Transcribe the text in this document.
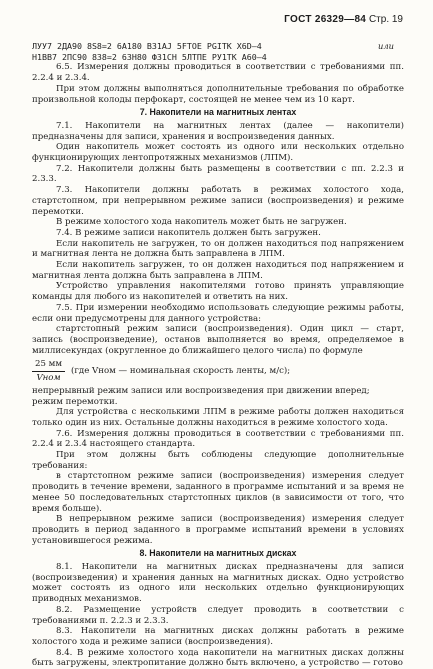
ГОСТ 26329—84 Стр. 19
ЛУУ7 2ДА90 8S8=2 6А180 ВЗ1АЈ 5FТОЕ РGIТК Х6D—4	или
Н1ВВ7 2ПС90 838=2 63Н80 Ф31СН 5ЛТПЕ РУ1ТК А60—4

6.5. Измерения должны проводиться в соответствии с требованиями пп. 2.2.4 и 2.3.4.

При этом должны выполняться дополнительные требования по обработке произвольной колоды перфокарт, состоящей не менее чем из 10 карт.

7. Накопители на магнитных лентах

7.1. Накопители на магнитных лентах (далее — накопители) предназначены для записи, хранения и воспроизведения данных.

Один накопитель может состоять из одного или нескольких отдельно функционирующих лентопротяжных механизмов (ЛПМ).

7.2. Накопители должны быть размещены в соответствии с пп. 2.2.3 и 2.3.3.

7.3. Накопители должны работать в режимах холостого хода, стартстопном, при непрерывном режиме записи (воспроизведения) и режиме перемотки.

В режиме холостого хода накопитель может быть не загружен.

7.4. В режиме записи накопитель должен быть загружен.

Если накопитель не загружен, то он должен находиться под напряжением и магнитная лента не должна быть заправлена в ЛПМ.

Если накопитель загружен, то он должен находиться под напряжением и магнитная лента должна быть заправлена в ЛПМ.

Устройство управления накопителями готово принять управляющие команды для любого из накопителей и ответить на них.

7.5. При измерении необходимо использовать следующие режимы работы, если они предусмотрены для данного устройства:

стартстопный режим записи (воспроизведения). Один цикл — старт, запись (воспроизведение), останов выполняется во время, определяемое в миллисекундах (округленное до ближайшего целого числа) по формуле

$\frac{25 мм}{\text{Vном}} (где$ Vном — номинальная скорость ленты, м/с);

непрерывный режим записи или воспроизведения при движении вперед;

режим перемотки.

Для устройства с несколькими ЛПМ в режиме работы должен находиться только один из них. Остальные должны находиться в режиме холостого хода.

7.6. Измерения должны проводиться в соответствии с требованиями пп. 2.2.4 и 2.3.4 настоящего стандарта.

При этом должны быть соблюдены следующие дополнительные требования:

в стартстопном режиме записи (воспроизведения) измерения следует проводить в течение времени, заданного в программе испытаний и за время не менее 50 последовательных стартстопных циклов (в зависимости от того, что время больше).

В непрерывном режиме записи (воспроизведения) измерения следует проводить в период заданного в программе испытаний времени в условиях установившегося режима.

8. Накопители на магнитных дисках

8.1. Накопители на магнитных дисках предназначены для записи (воспроизведения) и хранения данных на магнитных дисках. Одно устройство может состоять из одного или нескольких отдельно функционирующих приводных механизмов.

8.2. Размещение устройств следует проводить в соответствии с требованиями п. 2.2.3 и 2.3.3.

8.3. Накопители на магнитных дисках должны работать в режиме холостого хода и режиме записи (воспроизведения).

8.4. В режиме холостого хода накопители на магнитных дисках должны быть загружены, электропитание должно быть включено, а устройство — готово
